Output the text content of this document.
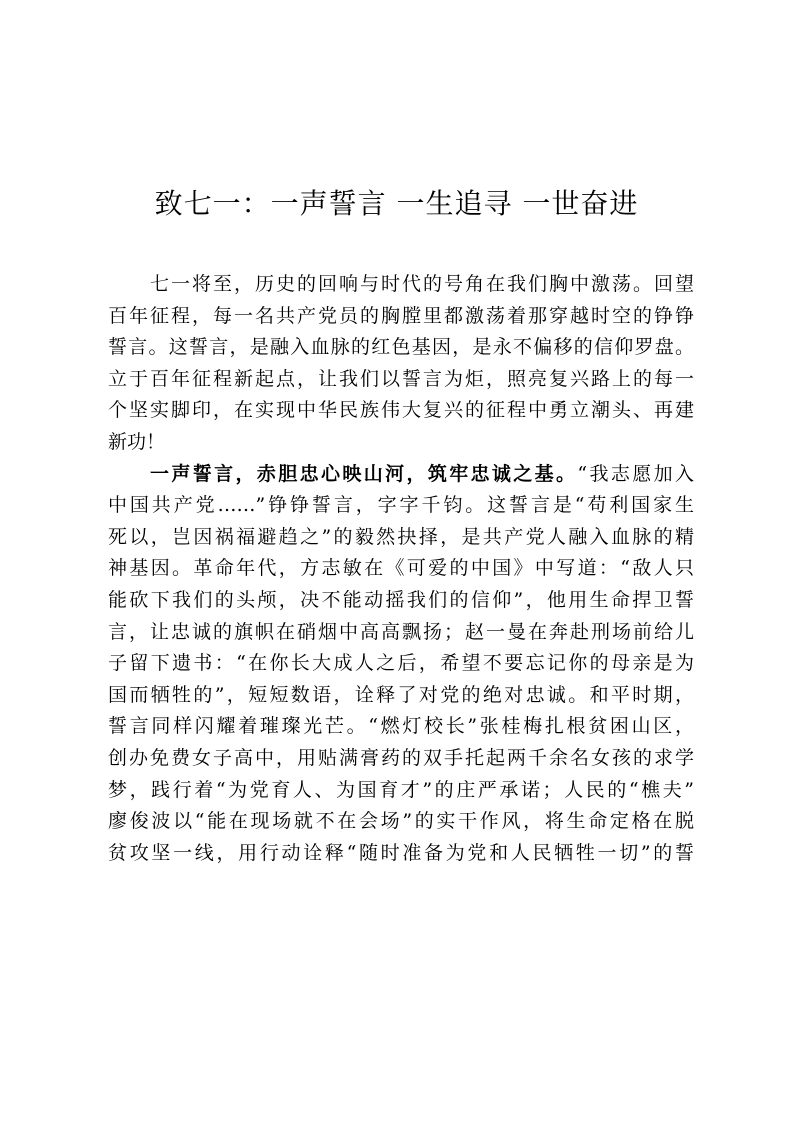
致七一：一声誓言 一生追寻 一世奋进
七一将至，历史的回响与时代的号角在我们胸中激荡。回望
百年征程，每一名共产党员的胸膛里都激荡着那穿越时空的铮铮
誓言。这誓言，是融入血脉的红色基因，是永不偏移的信仰罗盘。
立于百年征程新起点，让我们以誓言为炬，照亮复兴路上的每一
个坚实脚印，在实现中华民族伟大复兴的征程中勇立潮头、再建
新功！
一声誓言，赤胆忠心映山河，筑牢忠诚之基。“我志愿加入
中国共产党……”铮铮誓言，字字千钧。这誓言是“苟利国家生
死以，岂因祸福避趋之”的毅然抉择，是共产党人融入血脉的精
神基因。革命年代，方志敏在《可爱的中国》中写道：“敌人只
能砍下我们的头颅，决不能动摇我们的信仰”，他用生命捍卫誓
言，让忠诚的旗帜在硝烟中高高飘扬；赵一曼在奔赴刑场前给儿
子留下遗书：“在你长大成人之后，希望不要忘记你的母亲是为
国而牺牲的”，短短数语，诠释了对党的绝对忠诚。和平时期，
誓言同样闪耀着璀璨光芒。“燃灯校长”张桂梅扎根贫困山区，
创办免费女子高中，用贴满膏药的双手托起两千余名女孩的求学
梦，践行着“为党育人、为国育才”的庄严承诺；人民的“樵夫”
廖俊波以“能在现场就不在会场”的实干作风，将生命定格在脱
贫攻坚一线，用行动诠释“随时准备为党和人民牺牲一切”的誓
